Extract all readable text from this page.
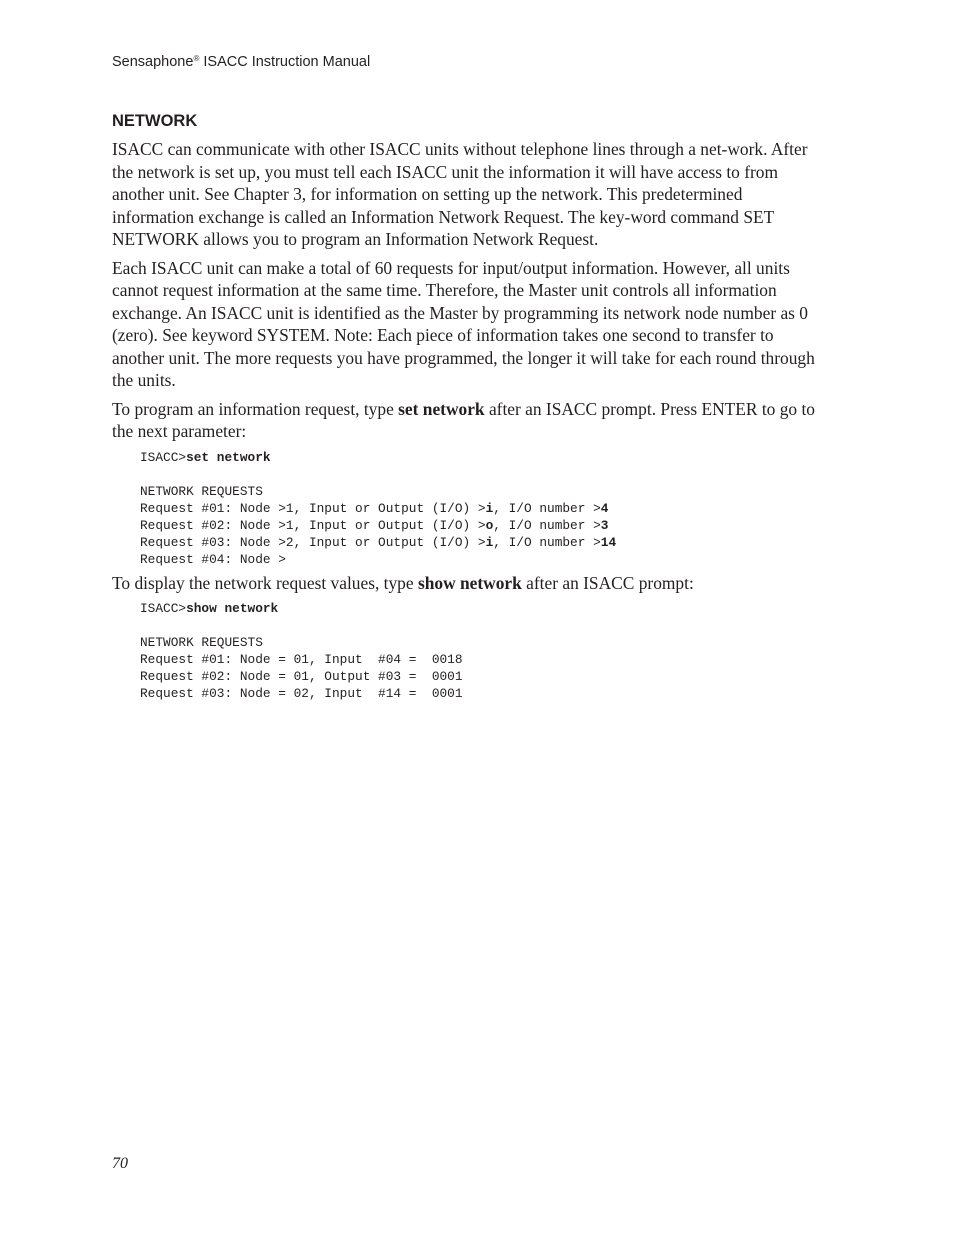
Sensaphone® ISACC Instruction Manual
NETWORK

ISACC can communicate with other ISACC units without telephone lines through a net-work. After the network is set up, you must tell each ISACC unit the information it will have access to from another unit. See Chapter 3, for information on setting up the network. This predetermined information exchange is called an Information Network Request. The key-word command SET NETWORK allows you to program an Information Network Request.

Each ISACC unit can make a total of 60 requests for input/output information. However, all units cannot request information at the same time. Therefore, the Master unit controls all information exchange. An ISACC unit is identified as the Master by programming its network node number as 0 (zero). See keyword SYSTEM. Note: Each piece of information takes one second to transfer to another unit. The more requests you have programmed, the longer it will take for each round through the units.

To program an information request, type set network after an ISACC prompt. Press ENTER to go to the next parameter:

ISACC>set network

NETWORK REQUESTS
Request #01: Node >1, Input or Output (I/O) >i, I/O number >4
Request #02: Node >1, Input or Output (I/O) >o, I/O number >3
Request #03: Node >2, Input or Output (I/O) >i, I/O number >14
Request #04: Node >

To display the network request values, type show network after an ISACC prompt:

ISACC>show network

NETWORK REQUESTS
Request #01: Node = 01, Input  #04 =  0018
Request #02: Node = 01, Output #03 =  0001
Request #03: Node = 02, Input  #14 =  0001
70
